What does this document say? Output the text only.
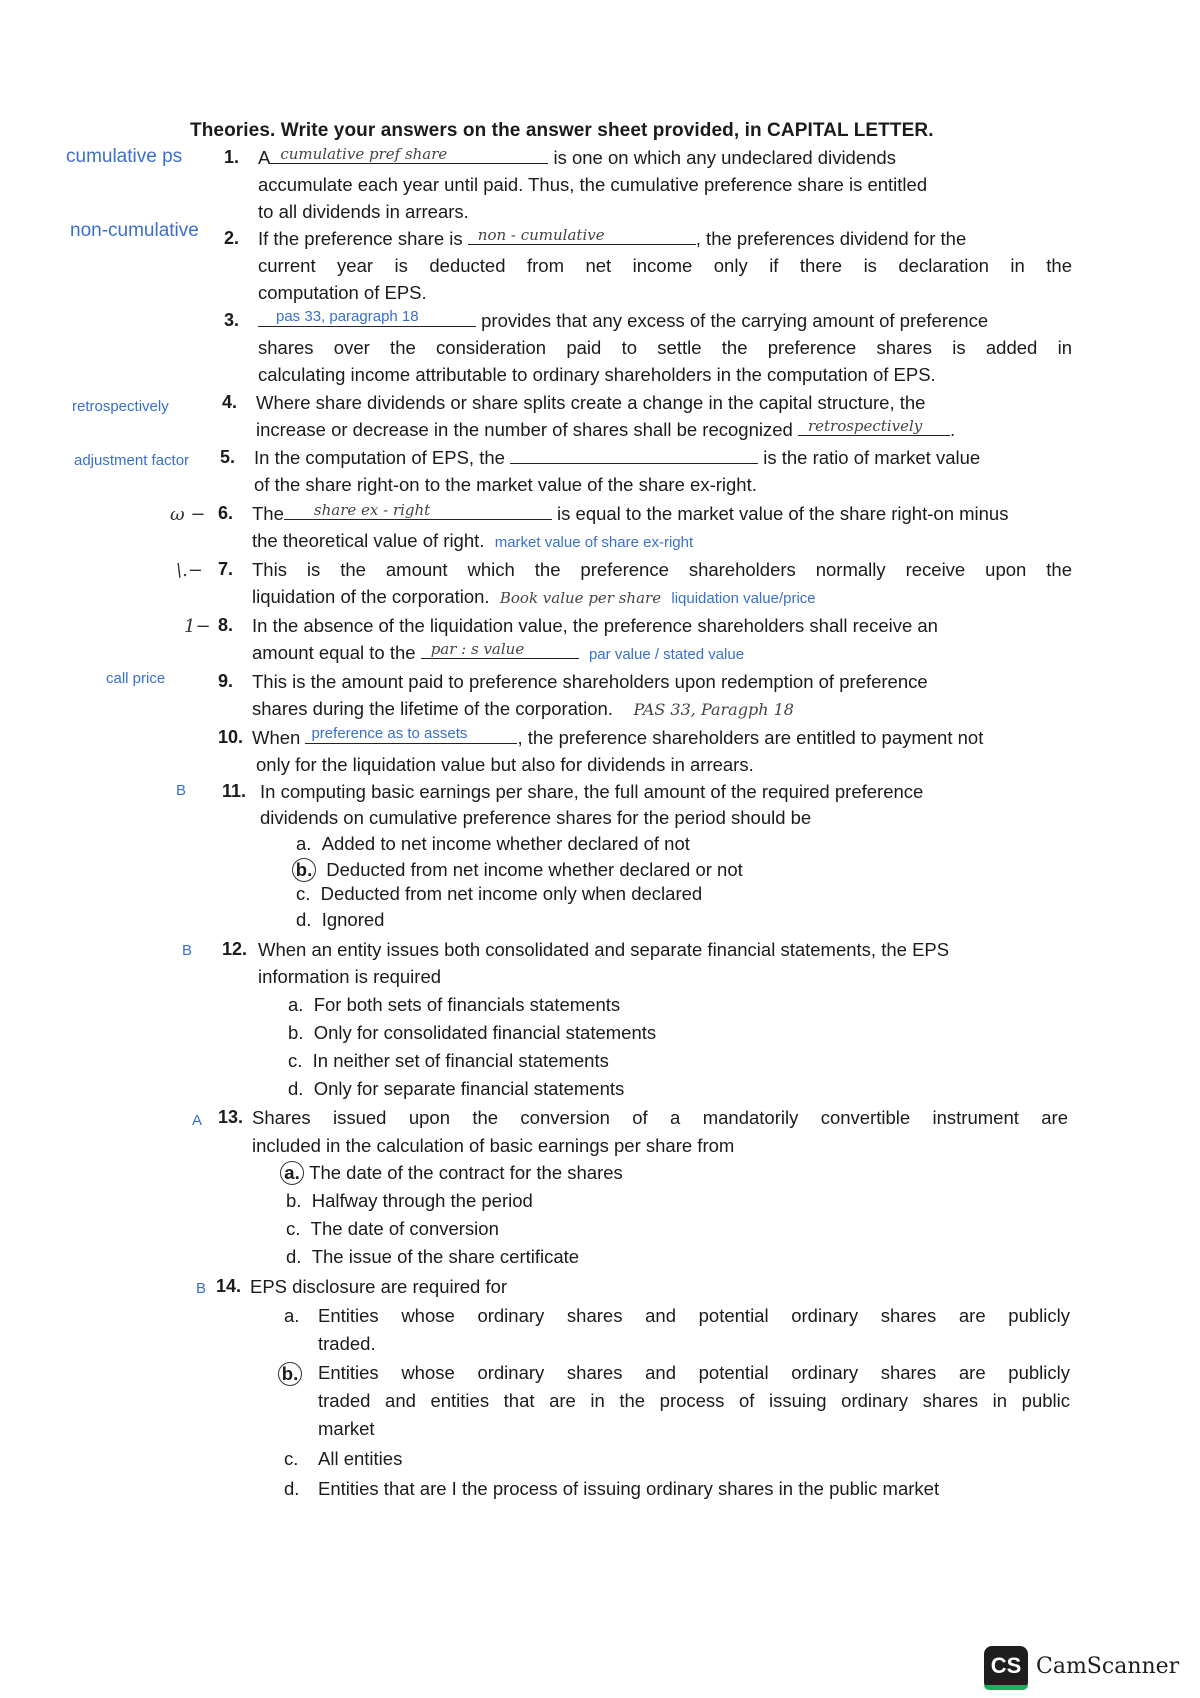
Theories. Write your answers on the answer sheet provided, in CAPITAL LETTER.
cumulative ps 1. A cumulative pref share	is one on which any undeclared dividends
accumulate each year until paid. Thus, the cumulative preference share is entitled
to all dividends in arrears.
non-cumulative 2. If the preference share is non - cumulative	, the preferences dividend for the
current year is deducted from net income only if there is declaration in the
computation of EPS.
3. pas 33, paragraph 18	provides that any excess of the carrying amount of preference
shares over the consideration paid to settle the preference shares is added in
calculating income attributable to ordinary shareholders in the computation of EPS.
retrospectively	4. Where share dividends or share splits create a change in the capital structure, the
increase or decrease in the number of shares shall be recognized retrospectively .
adjustment factor 5. In the computation of EPS, the	is the ratio of market value
of the share right-on to the market value of the share ex-right.
ω − 6. The share ex - right	is equal to the market value of the share right-on minus
the theoretical value of right. market value of share ex-right
\.− 7. This is the amount which the preference shareholders normally receive upon the
liquidation of the corporation. Book value per share liquidation value/price
1− 8. In the absence of the liquidation value, the preference shareholders shall receive an
amount equal to the par : s value	par value / stated value
call price	9. This is the amount paid to preference shareholders upon redemption of preference
shares during the lifetime of the corporation. PAS 33, Paragph 18
10. When preference as to assets	, the preference shareholders are entitled to payment not
only for the liquidation value but also for dividends in arrears.
B 11. In computing basic earnings per share, the full amount of the required preference
dividends on cumulative preference shares for the period should be
a. Added to net income whether declared of not
b. Deducted from net income whether declared or not
c. Deducted from net income only when declared
d. Ignored
B 12. When an entity issues both consolidated and separate financial statements, the EPS
information is required
a. For both sets of financials statements
b. Only for consolidated financial statements
c. In neither set of financial statements
d. Only for separate financial statements
A 13. Shares issued upon the conversion of a mandatorily convertible instrument are
included in the calculation of basic earnings per share from
a. The date of the contract for the shares
b. Halfway through the period
c. The date of conversion
d. The issue of the share certificate
B 14. EPS disclosure are required for
a. Entities whose ordinary shares and potential ordinary shares are publicly
traded.
b. Entities whose ordinary shares and potential ordinary shares are publicly
traded and entities that are in the process of issuing ordinary shares in public
market
c. All entities
d. Entities that are I the process of issuing ordinary shares in the public market
CS CamScanner
